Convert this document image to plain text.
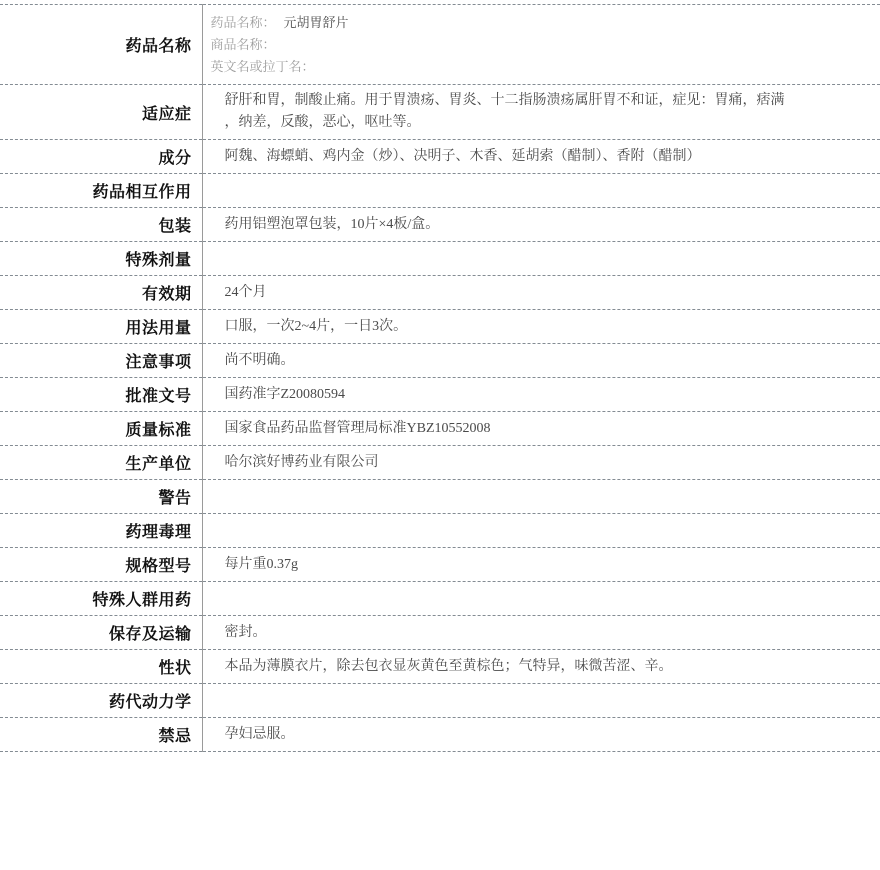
药品名称	药品名称： 元胡胃舒片
商品名称：
英文名或拉丁名：

适应症	舒肝和胃，制酸止痛。用于胃溃疡、胃炎、十二指肠溃疡属肝胃不和证，症见：胃痛，痞满
，纳差，反酸，恶心，呕吐等。

成分	阿魏、海螵蛸、鸡内金（炒）、决明子、木香、延胡索（醋制）、香附（醋制）
药品相互作用	
包装	药用铝塑泡罩包装，10片×4板/盒。
特殊剂量	
有效期	24个月
用法用量	口服，一次2~4片，一日3次。
注意事项	尚不明确。
批准文号	国药准字Z20080594
质量标准	国家食品药品监督管理局标准YBZ10552008
生产单位	哈尔滨好博药业有限公司
警告	
药理毒理	
规格型号	每片重0.37g
特殊人群用药	
保存及运输	密封。
性状	本品为薄膜衣片，除去包衣显灰黄色至黄棕色；气特异，味微苦涩、辛。
药代动力学	
禁忌	孕妇忌服。
